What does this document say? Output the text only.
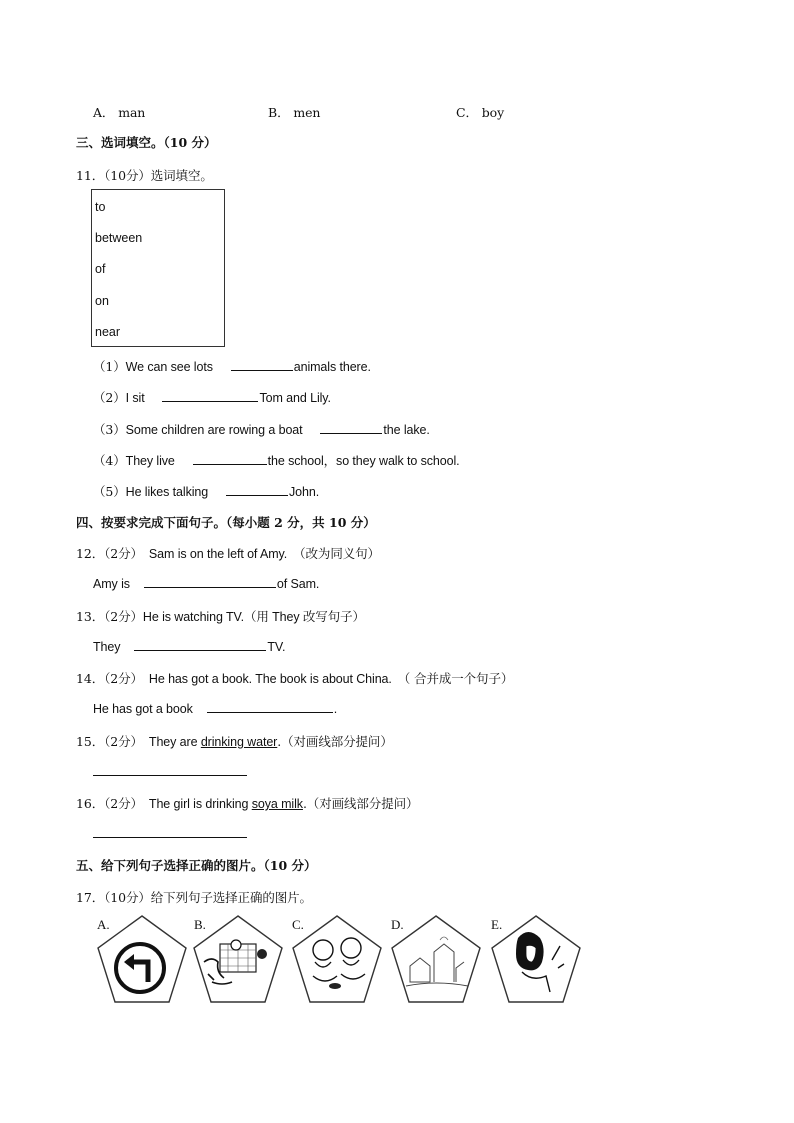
A． man	B． men	C． boy
三、选词填空。（10 分）
11．（10分）选词填空。
to
between
of
on
near
（1）We can see lots	animals there.
（2）I sit	Tom and Lily.
（3）Some children are rowing a boat	the lake.
（4）They live	the school，so they walk to school.
（5）He likes talking	John.
四、按要求完成下面句子。（每小题 2 分，共 10 分）
12．（2分） Sam is on the left of Amy. （改为同义句）
Amy is	of Sam.
13．（2分）He is watching TV.（用 They 改写句子）
They	TV.
14．（2分） He has got a book. The book is about China. （ 合并成一个句子）
He has got a book	.
15．（2分） They are drinking water.（对画线部分提问）
16．（2分） The girl is drinking soya milk.（对画线部分提问）
五、给下列句子选择正确的图片。（10 分）
17．（10分）给下列句子选择正确的图片。
A.	B.	C.	D.	E.
